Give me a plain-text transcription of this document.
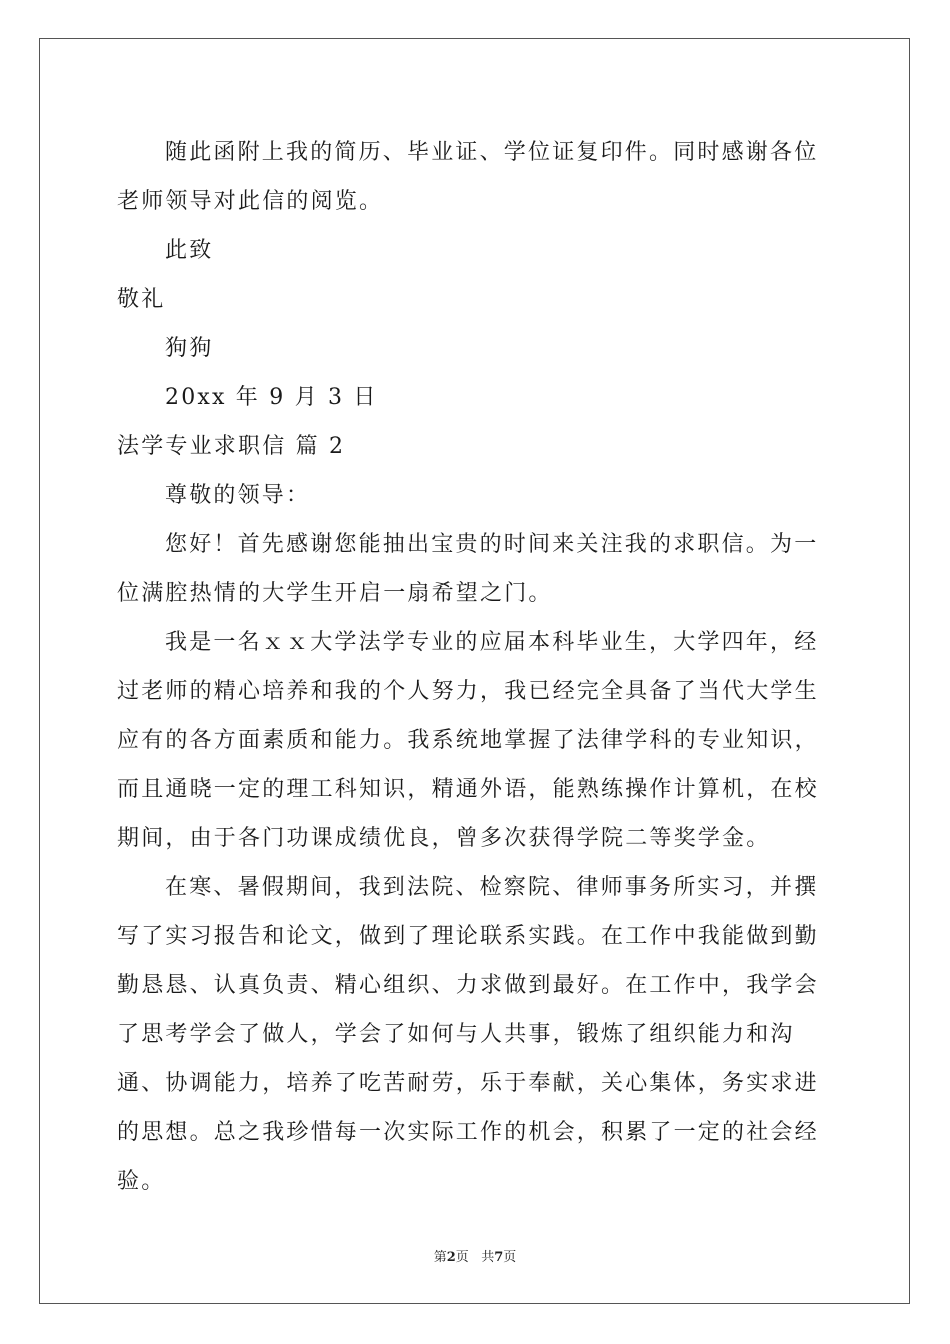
随此函附上我的简历、毕业证、学位证复印件。同时感谢各位老师领导对此信的阅览。

此致

敬礼

狗狗

20xx 年 9 月 3 日

法学专业求职信 篇 2

尊敬的领导：

您好！首先感谢您能抽出宝贵的时间来关注我的求职信。为一位满腔热情的大学生开启一扇希望之门。

我是一名ｘｘ大学法学专业的应届本科毕业生，大学四年，经过老师的精心培养和我的个人努力，我已经完全具备了当代大学生应有的各方面素质和能力。我系统地掌握了法律学科的专业知识，而且通晓一定的理工科知识，精通外语，能熟练操作计算机，在校期间，由于各门功课成绩优良，曾多次获得学院二等奖学金。

在寒、暑假期间，我到法院、检察院、律师事务所实习，并撰写了实习报告和论文，做到了理论联系实践。在工作中我能做到勤勤恳恳、认真负责、精心组织、力求做到最好。在工作中，我学会了思考学会了做人，学会了如何与人共事，锻炼了组织能力和沟通、协调能力，培养了吃苦耐劳，乐于奉献，关心集体，务实求进的思想。总之我珍惜每一次实际工作的机会，积累了一定的社会经验。

第2页 共7页
